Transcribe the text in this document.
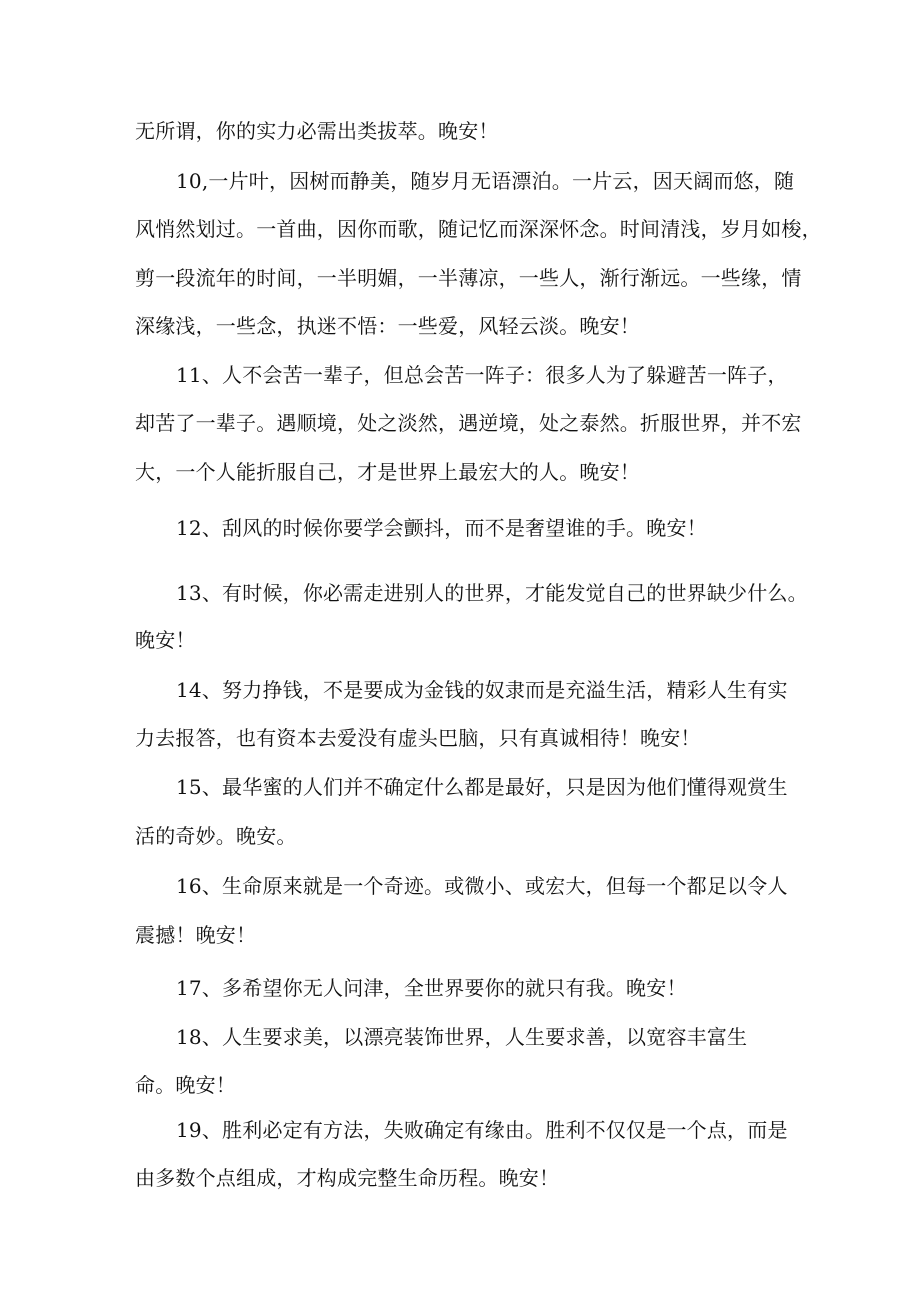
无所谓，你的实力必需出类拔萃。晚安！
10,一片叶，因树而静美，随岁月无语漂泊。一片云，因天阔而悠，随
风悄然划过。一首曲，因你而歌，随记忆而深深怀念。时间清浅，岁月如梭，
剪一段流年的时间，一半明媚，一半薄凉，一些人，渐行渐远。一些缘，情
深缘浅，一些念，执迷不悟：一些爱，风轻云淡。晚安！
11、人不会苦一辈子，但总会苦一阵子：很多人为了躲避苦一阵子，
却苦了一辈子。遇顺境，处之淡然，遇逆境，处之泰然。折服世界，并不宏
大，一个人能折服自己，才是世界上最宏大的人。晚安！
12、刮风的时候你要学会颤抖，而不是奢望谁的手。晚安！
13、有时候，你必需走进别人的世界，才能发觉自己的世界缺少什么。
晚安！
14、努力挣钱，不是要成为金钱的奴隶而是充溢生活，精彩人生有实
力去报答，也有资本去爱没有虚头巴脑，只有真诚相待！晚安！
15、最华蜜的人们并不确定什么都是最好，只是因为他们懂得观赏生
活的奇妙。晚安。
16、生命原来就是一个奇迹。或微小、或宏大，但每一个都足以令人
震撼！晚安！
17、多希望你无人问津，全世界要你的就只有我。晚安！
18、人生要求美，以漂亮装饰世界，人生要求善，以宽容丰富生
命。晚安！
19、胜利必定有方法，失败确定有缘由。胜利不仅仅是一个点，而是
由多数个点组成，才构成完整生命历程。晚安！
